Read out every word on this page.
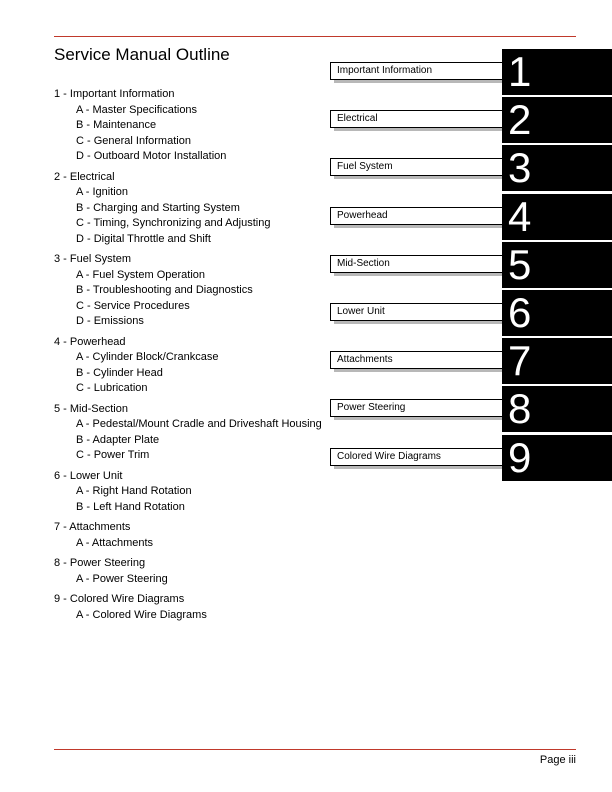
Service Manual Outline
1 - Important Information
A - Master Specifications
B - Maintenance
C - General Information
D - Outboard Motor Installation
2 - Electrical
A - Ignition
B - Charging and Starting System
C - Timing, Synchronizing and Adjusting
D - Digital Throttle and Shift
3 - Fuel System
A - Fuel System Operation
B - Troubleshooting and Diagnostics
C - Service Procedures
D - Emissions
4 - Powerhead
A - Cylinder Block/Crankcase
B - Cylinder Head
C - Lubrication
5 - Mid-Section
A - Pedestal/Mount Cradle and Driveshaft Housing
B - Adapter Plate
C - Power Trim
6 - Lower Unit
A - Right Hand Rotation
B - Left Hand Rotation
7 - Attachments
A - Attachments
8 - Power Steering
A - Power Steering
9 - Colored Wire Diagrams
A - Colored Wire Diagrams
Important Information	1
Electrical	2
Fuel System	3
Powerhead	4
Mid-Section	5
Lower Unit	6
Attachments	7
Power Steering	8
Colored Wire Diagrams	9
Page iii
